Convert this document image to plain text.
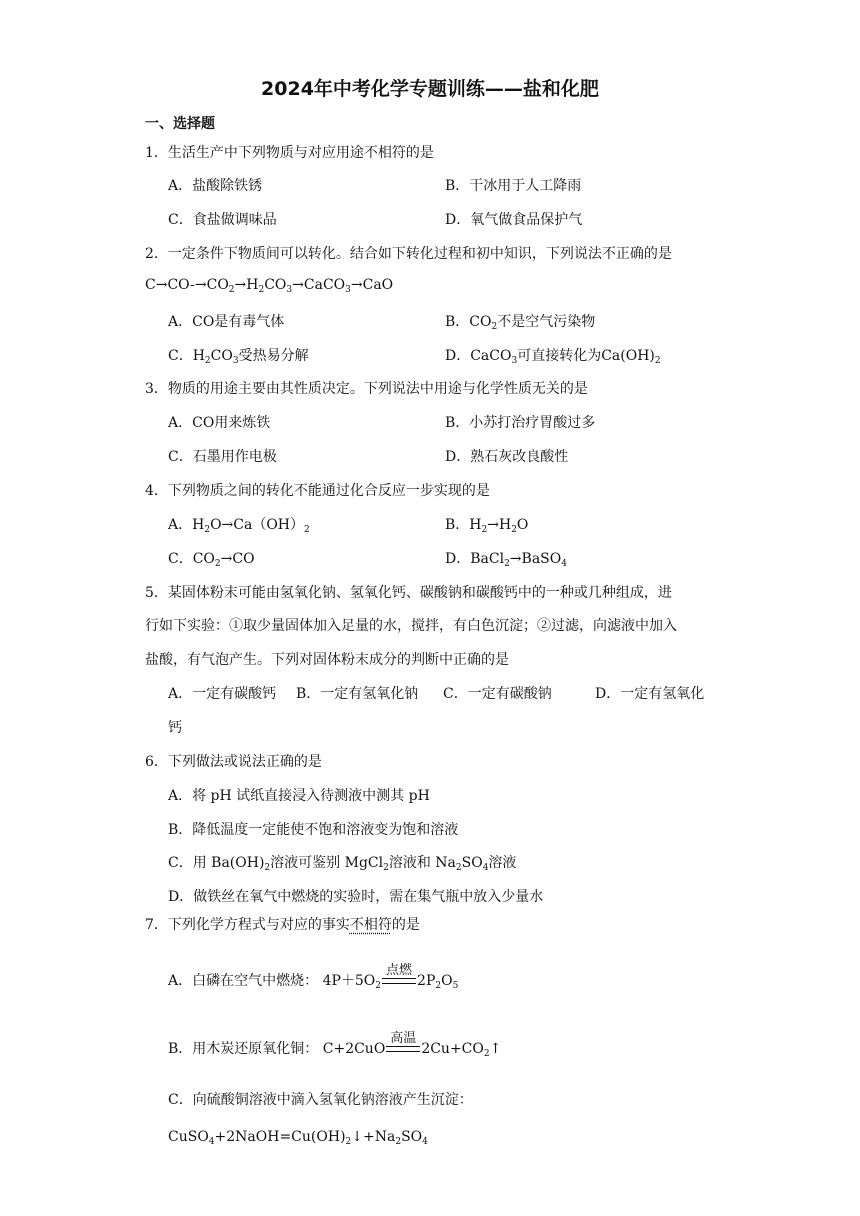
2024年中考化学专题训练——盐和化肥
一、选择题
1．生活生产中下列物质与对应用途不相符的是
A．盐酸除铁锈	B．干冰用于人工降雨
C．食盐做调味品	D．氧气做食品保护气
2．一定条件下物质间可以转化。结合如下转化过程和初中知识，下列说法不正确的是
$C\to CO-\to CO_2\to H_2CO_3\to CaCO_3\to CaO$
A．CO是有毒气体	B．$CO_2$不是空气污染物
C．$H_2CO_3$受热易分解	D．CaCO$_3$可直接转化为$Ca(OH)_2$
3．物质的用途主要由其性质决定。下列说法中用途与化学性质无关的是
A．CO用来炼铁	B．小苏打治疗胃酸过多
C．石墨用作电极	D．熟石灰改良酸性
4．下列物质之间的转化不能通过化合反应一步实现的是
A．$H_2O\to Ca(OH)_2$	B．$H_2\to H_2O$
C．$CO_2\to CO$	D．BaCl$_2$→BaSO$_4$
5．某固体粉末可能由氢氧化钠、氢氧化钙、碳酸钠和碳酸钙中的一种或几种组成，进
行如下实验：①取少量固体加入足量的水，搅拌，有白色沉淀；②过滤，向滤液中加入
盐酸，有气泡产生。下列对固体粉末成分的判断中正确的是
A．一定有碳酸钙 B．一定有氢氧化钠 C．一定有碳酸钠	D．一定有氢氧化
钙
6．下列做法或说法正确的是
A．将 pH 试纸直接浸入待测液中测其 pH
B．降低温度一定能使不饱和溶液变为饱和溶液
C．用 $Ba(OH)_2$溶液可鉴别 MgCl$_2$溶液和 $Na_2SO_4$溶液
D．做铁丝在氧气中燃烧的实验时，需在集气瓶中放入少量水
7．下列化学方程式与对应的事实不相符的是
A．白磷在空气中燃烧： $4P+5O_2$
点燃
$2P_2O_5$
B．用木炭还原氧化铜： C+2CuO
高温
$2Cu+CO_2↑$
C．向硫酸铜溶液中滴入氢氧化钠溶液产生沉淀：
$CuSO_4+2NaOH=Cu(OH)_2↓+Na_2SO_4$
